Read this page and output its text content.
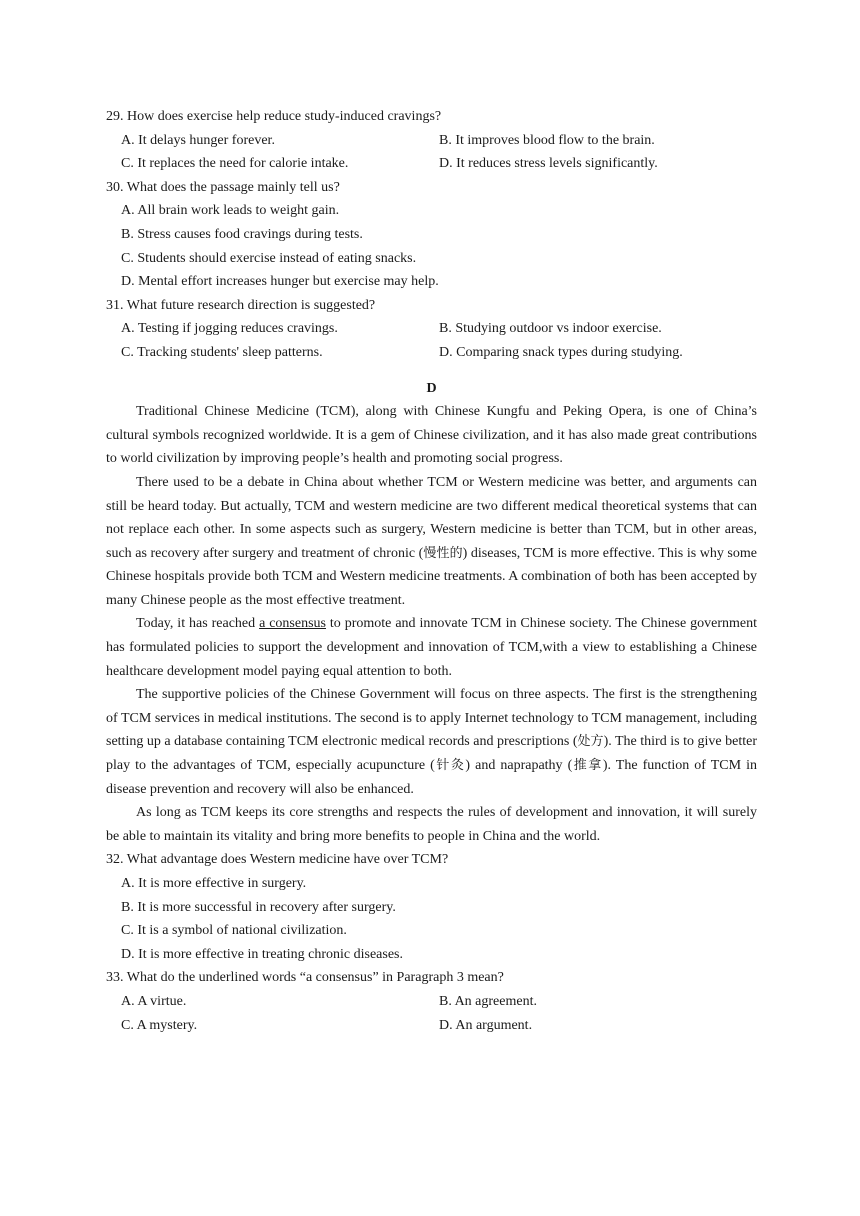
29. How does exercise help reduce study-induced cravings?
A. It delays hunger forever.	B. It improves blood flow to the brain.
C. It replaces the need for calorie intake.	D. It reduces stress levels significantly.
30. What does the passage mainly tell us?
A. All brain work leads to weight gain.
B. Stress causes food cravings during tests.
C. Students should exercise instead of eating snacks.
D. Mental effort increases hunger but exercise may help.
31. What future research direction is suggested?
A. Testing if jogging reduces cravings.	B. Studying outdoor vs indoor exercise.
C. Tracking students' sleep patterns.	D. Comparing snack types during studying.
D

Traditional Chinese Medicine (TCM), along with Chinese Kungfu and Peking Opera, is one of China’s cultural symbols recognized worldwide. It is a gem of Chinese civilization, and it has also made great contributions to world civilization by improving people’s health and promoting social progress.

There used to be a debate in China about whether TCM or Western medicine was better, and arguments can still be heard today. But actually, TCM and western medicine are two different medical theoretical systems that can not replace each other. In some aspects such as surgery, Western medicine is better than TCM, but in other areas, such as recovery after surgery and treatment of chronic (慢性的) diseases, TCM is more effective. This is why some Chinese hospitals provide both TCM and Western medicine treatments. A combination of both has been accepted by many Chinese people as the most effective treatment.

Today, it has reached a consensus to promote and innovate TCM in Chinese society. The Chinese government has formulated policies to support the development and innovation of TCM,with a view to establishing a Chinese healthcare development model paying equal attention to both.

The supportive policies of the Chinese Government will focus on three aspects. The first is the strengthening of TCM services in medical institutions. The second is to apply Internet technology to TCM management, including setting up a database containing TCM electronic medical records and prescriptions (处方). The third is to give better play to the advantages of TCM, especially acupuncture (针灸) and naprapathy (推拿). The function of TCM in disease prevention and recovery will also be enhanced.

As long as TCM keeps its core strengths and respects the rules of development and innovation, it will surely be able to maintain its vitality and bring more benefits to people in China and the world.

32. What advantage does Western medicine have over TCM?
A. It is more effective in surgery.
B. It is more successful in recovery after surgery.
C. It is a symbol of national civilization.
D. It is more effective in treating chronic diseases.
33. What do the underlined words “a consensus” in Paragraph 3 mean?
A. A virtue.	B. An agreement.
C. A mystery.	D. An argument.
